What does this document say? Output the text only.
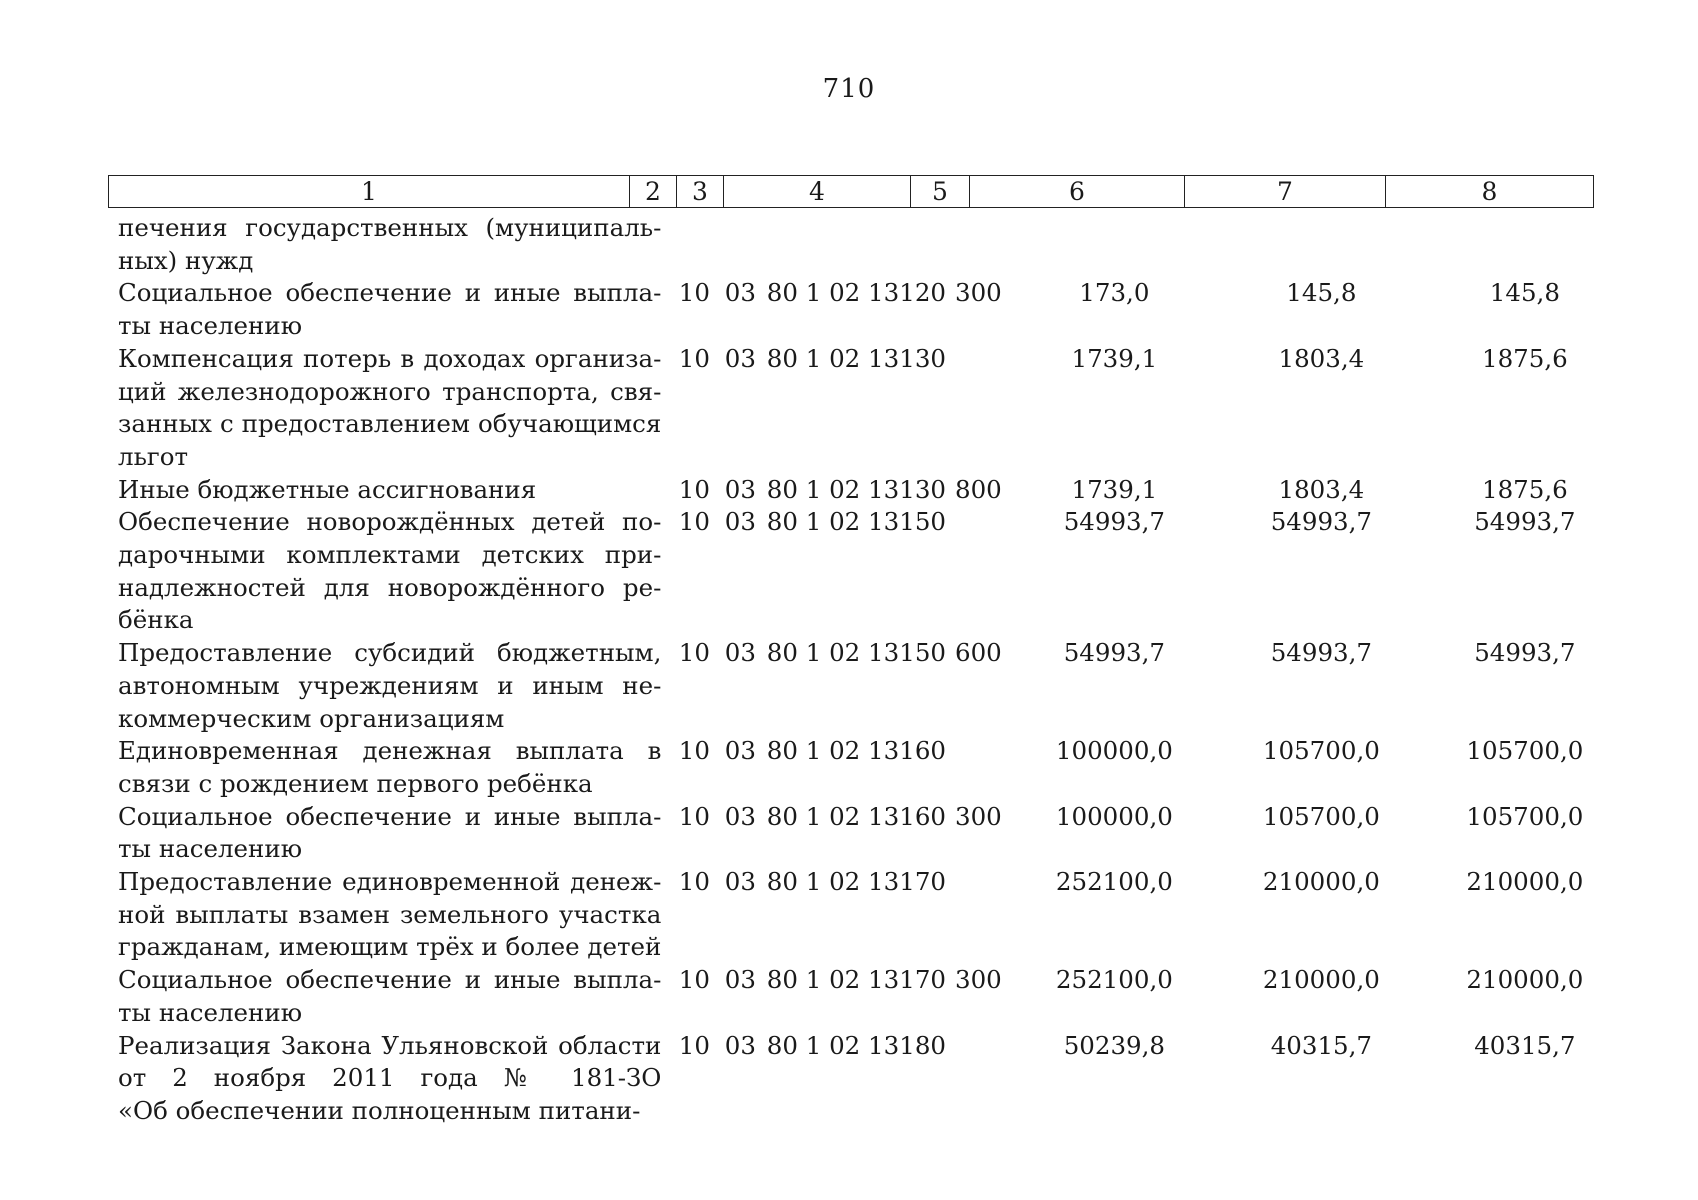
710
1	2	3	4	5	6	7	8
печения государственных (муниципаль-
ных) нужд							

Социальное обеспечение и иные выпла-
ты населению	10	03	80 1 02 13120	300	173,0	145,8	145,8

Компенсация потерь в доходах организа-
ций железнодорожного транспорта, свя-
занных с предоставлением обучающимся
льгот	10	03	80 1 02 13130		1739,1	1803,4	1875,6

Иные бюджетные ассигнования	10	03	80 1 02 13130	800	1739,1	1803,4	1875,6

Обеспечение новорождённых детей по-
дарочными комплектами детских при-
надлежностей для новорождённого ре-
бёнка	10	03	80 1 02 13150		54993,7	54993,7	54993,7

Предоставление субсидий бюджетным,
автономным учреждениям и иным не-
коммерческим организациям	10	03	80 1 02 13150	600	54993,7	54993,7	54993,7

Единовременная денежная выплата в
связи с рождением первого ребёнка	10	03	80 1 02 13160		100000,0	105700,0	105700,0

Социальное обеспечение и иные выпла-
ты населению	10	03	80 1 02 13160	300	100000,0	105700,0	105700,0

Предоставление единовременной денеж-
ной выплаты взамен земельного участка
гражданам, имеющим трёх и более детей	10	03	80 1 02 13170		252100,0	210000,0	210000,0

Социальное обеспечение и иные выпла-
ты населению	10	03	80 1 02 13170	300	252100,0	210000,0	210000,0

Реализация Закона Ульяновской области
от 2 ноября 2011 года № 181-ЗО
«Об обеспечении полноценным питани-	10	03	80 1 02 13180		50239,8	40315,7	40315,7
